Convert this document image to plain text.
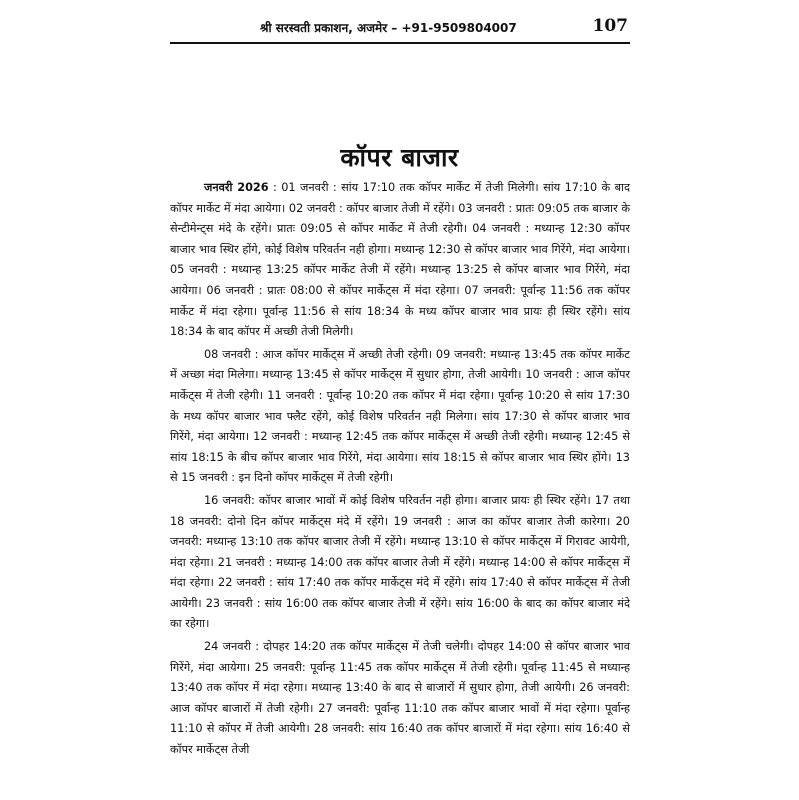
श्री सरस्वती प्रकाशन, अजमेर – +91-9509804007	107
कॉपर बाजार

जनवरी 2026 : 01 जनवरी : सांय 17:10 तक कॉपर मार्केट में तेजी मिलेगी। सांय 17:10 के बाद कॉपर मार्केट में मंदा आयेगा। 02 जनवरी : कॉपर बाजार तेजी में रहेंगे। 03 जनवरी : प्रातः 09:05 तक बाजार के सेन्टीमेन्ट्स मंदे के रहेंगे। प्रातः 09:05 से कॉपर मार्केट में तेजी रहेगी। 04 जनवरी : मध्यान्ह 12:30 कॉपर बाजार भाव स्थिर होंगे, कोई विशेष परिवर्तन नही होगा। मध्यान्ह 12:30 से कॉपर बाजार भाव गिरेंगे, मंदा आयेगा। 05 जनवरी : मध्यान्ह 13:25 कॉपर मार्केट तेजी में रहेंगे। मध्यान्ह 13:25 से कॉपर बाजार भाव गिरेंगे, मंदा आयेगा। 06 जनवरी : प्रातः 08:00 से कॉपर मार्केट्स में मंदा रहेगा। 07 जनवरी: पूर्वान्ह 11:56 तक कॉपर मार्केट में मंदा रहेगा। पूर्वान्ह 11:56 से सांय 18:34 के मध्य कॉपर बाजार भाव प्रायः ही स्थिर रहेंगे। सांय 18:34 के बाद कॉपर में अच्छी तेजी मिलेगी।

08 जनवरी : आज कॉपर मार्केट्स में अच्छी तेजी रहेगी। 09 जनवरी: मध्यान्ह 13:45 तक कॉपर मार्केट में अच्छा मंदा मिलेगा। मध्यान्ह 13:45 से कॉपर मार्केट्स में सुधार होगा, तेजी आयेगी। 10 जनवरी : आज कॉपर मार्केट्स में तेजी रहेगी। 11 जनवरी : पूर्वान्ह 10:20 तक कॉपर में मंदा रहेगा। पूर्वान्ह 10:20 से सांय 17:30 के मध्य कॉपर बाजार भाव फ्लैट रहेंगे, कोई विशेष परिवर्तन नही मिलेगा। सांय 17:30 से कॉपर बाजार भाव गिरेंगे, मंदा आयेगा। 12 जनवरी : मध्यान्ह 12:45 तक कॉपर मार्केट्स में अच्छी तेजी रहेगी। मध्यान्ह 12:45 से सांय 18:15 के बीच कॉपर बाजार भाव गिरेंगे, मंदा आयेगा। सांय 18:15 से कॉपर बाजार भाव स्थिर होंगे। 13 से 15 जनवरी : इन दिनो कॉपर मार्केट्स में तेजी रहेगी।

16 जनवरी: कॉपर बाजार भावों में कोई विशेष परिवर्तन नही होगा। बाजार प्रायः ही स्थिर रहेंगे। 17 तथा 18 जनवरी: दोनो दिन कॉपर मार्केट्स मंदे में रहेंगे। 19 जनवरी : आज का कॉपर बाजार तेजी कारेगा। 20 जनवरी: मध्यान्ह 13:10 तक कॉपर बाजार तेजी में रहेंगे। मध्यान्ह 13:10 से कॉपर मार्केट्स में गिरावट आयेगी, मंदा रहेगा। 21 जनवरी : मध्यान्ह 14:00 तक कॉपर बाजार तेजी में रहेंगे। मध्यान्ह 14:00 से कॉपर मार्केट्स में मंदा रहेगा। 22 जनवरी : सांय 17:40 तक कॉपर मार्केट्स मंदे में रहेंगे। सांय 17:40 से कॉपर मार्केट्स में तेजी आयेगी। 23 जनवरी : सांय 16:00 तक कॉपर बाजार तेजी में रहेंगे। सांय 16:00 के बाद का कॉपर बाजार मंदे का रहेगा।

24 जनवरी : दोपहर 14:20 तक कॉपर मार्केट्स में तेजी चलेगी। दोपहर 14:00 से कॉपर बाजार भाव गिरेंगे, मंदा आयेगा। 25 जनवरी: पूर्वान्ह 11:45 तक कॉपर मार्केट्स में तेजी रहेगी। पूर्वान्ह 11:45 से मध्यान्ह 13:40 तक कॉपर में मंदा रहेगा। मध्यान्ह 13:40 के बाद से बाजारों में सुधार होगा, तेजी आयेगी। 26 जनवरी: आज कॉपर बाजारों में तेजी रहेगी। 27 जनवरी: पूर्वान्ह 11:10 तक कॉपर बाजार भावों में मंदा रहेगा। पूर्वान्ह 11:10 से कॉपर में तेजी आयेगी। 28 जनवरी: सांय 16:40 तक कॉपर बाजारों में मंदा रहेगा। सांय 16:40 से कॉपर मार्केट्स तेजी
